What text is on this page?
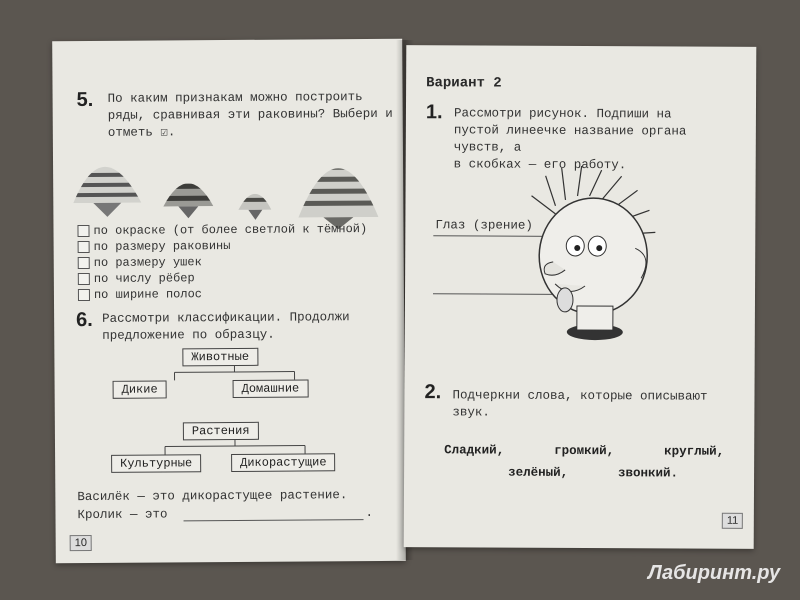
5. По каким признакам можно построить
ряды, сравнивая эти раковины? Выбери и
отметь ☑.
по окраске (от более светлой к тёмной)
по размеру раковины
по размеру ушек
по числу рёбер
по ширине полос
6. Рассмотри классификации. Продолжи
предложение по образцу.
Животные
Дикие	Домашние
Растения
Культурные	Дикорастущие
Василёк — это дикорастущее растение.
Кролик — это	.
10
Вариант 2
1. Рассмотри рисунок. Подпиши на
пустой линеечке название органа чувств, а
в скобках — его работу.
Глаз (зрение)
2. Подчеркни слова, которые описывают
звук.
Сладкий,	громкий,	круглый,
зелёный,	звонкий.
11
Лабиринт.ру
